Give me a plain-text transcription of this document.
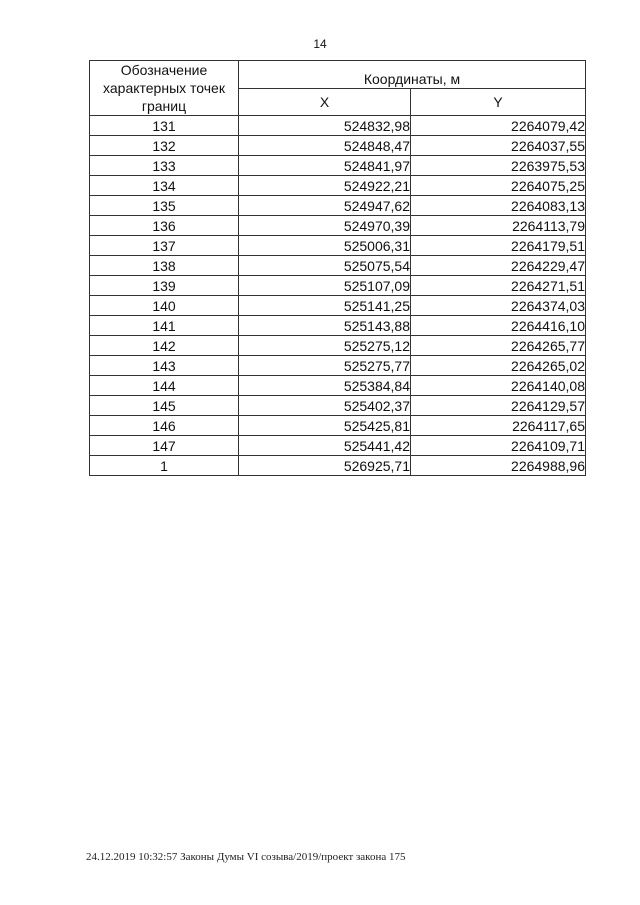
14
Обозначение характерных точек границ	Координаты, м	
	X	Y
131	524832,98	2264079,42
132	524848,47	2264037,55
133	524841,97	2263975,53
134	524922,21	2264075,25
135	524947,62	2264083,13
136	524970,39	2264113,79
137	525006,31	2264179,51
138	525075,54	2264229,47
139	525107,09	2264271,51
140	525141,25	2264374,03
141	525143,88	2264416,10
142	525275,12	2264265,77
143	525275,77	2264265,02
144	525384,84	2264140,08
145	525402,37	2264129,57
146	525425,81	2264117,65
147	525441,42	2264109,71
1	526925,71	2264988,96
24.12.2019 10:32:57 Законы Думы VI созыва/2019/проект закона 175
